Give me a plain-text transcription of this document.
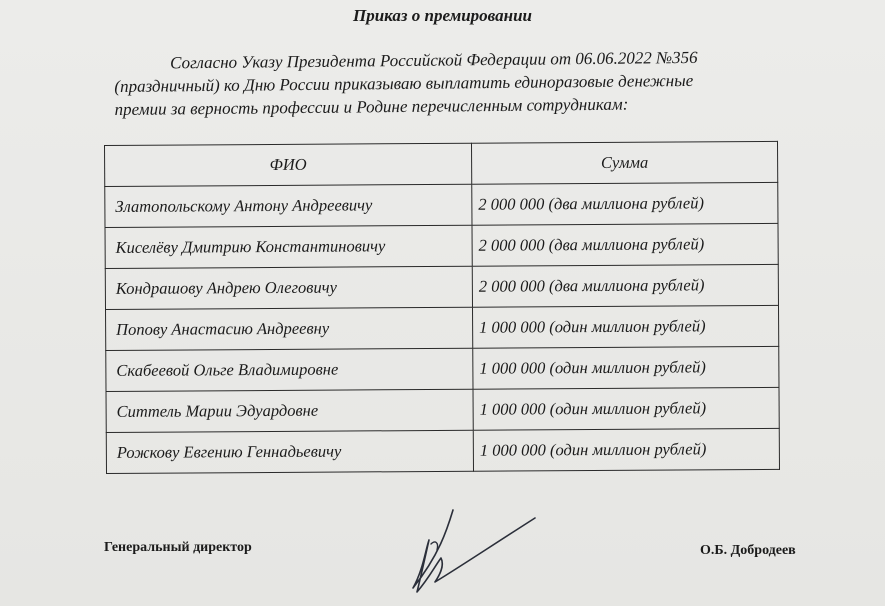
Приказ о премировании
Согласно Указу Президента Российской Федерации от 06.06.2022 №356
(праздничный) ко Дню России приказываю выплатить единоразовые денежные
премии за верность профессии и Родине перечисленным сотрудникам:
ФИО	Сумма
Златопольскому Антону Андреевичу	2 000 000 (два миллиона рублей)
Киселёву Дмитрию Константиновичу	2 000 000 (два миллиона рублей)
Кондрашову Андрею Олеговичу	2 000 000 (два миллиона рублей)
Попову Анастасию Андреевну	1 000 000 (один миллион рублей)
Скабеевой Ольге Владимировне	1 000 000 (один миллион рублей)
Ситтель Марии Эдуардовне	1 000 000 (один миллион рублей)
Рожкову Евгению Геннадьевичу	1 000 000 (один миллион рублей)
Генеральный директор	О.Б. Добродеев
